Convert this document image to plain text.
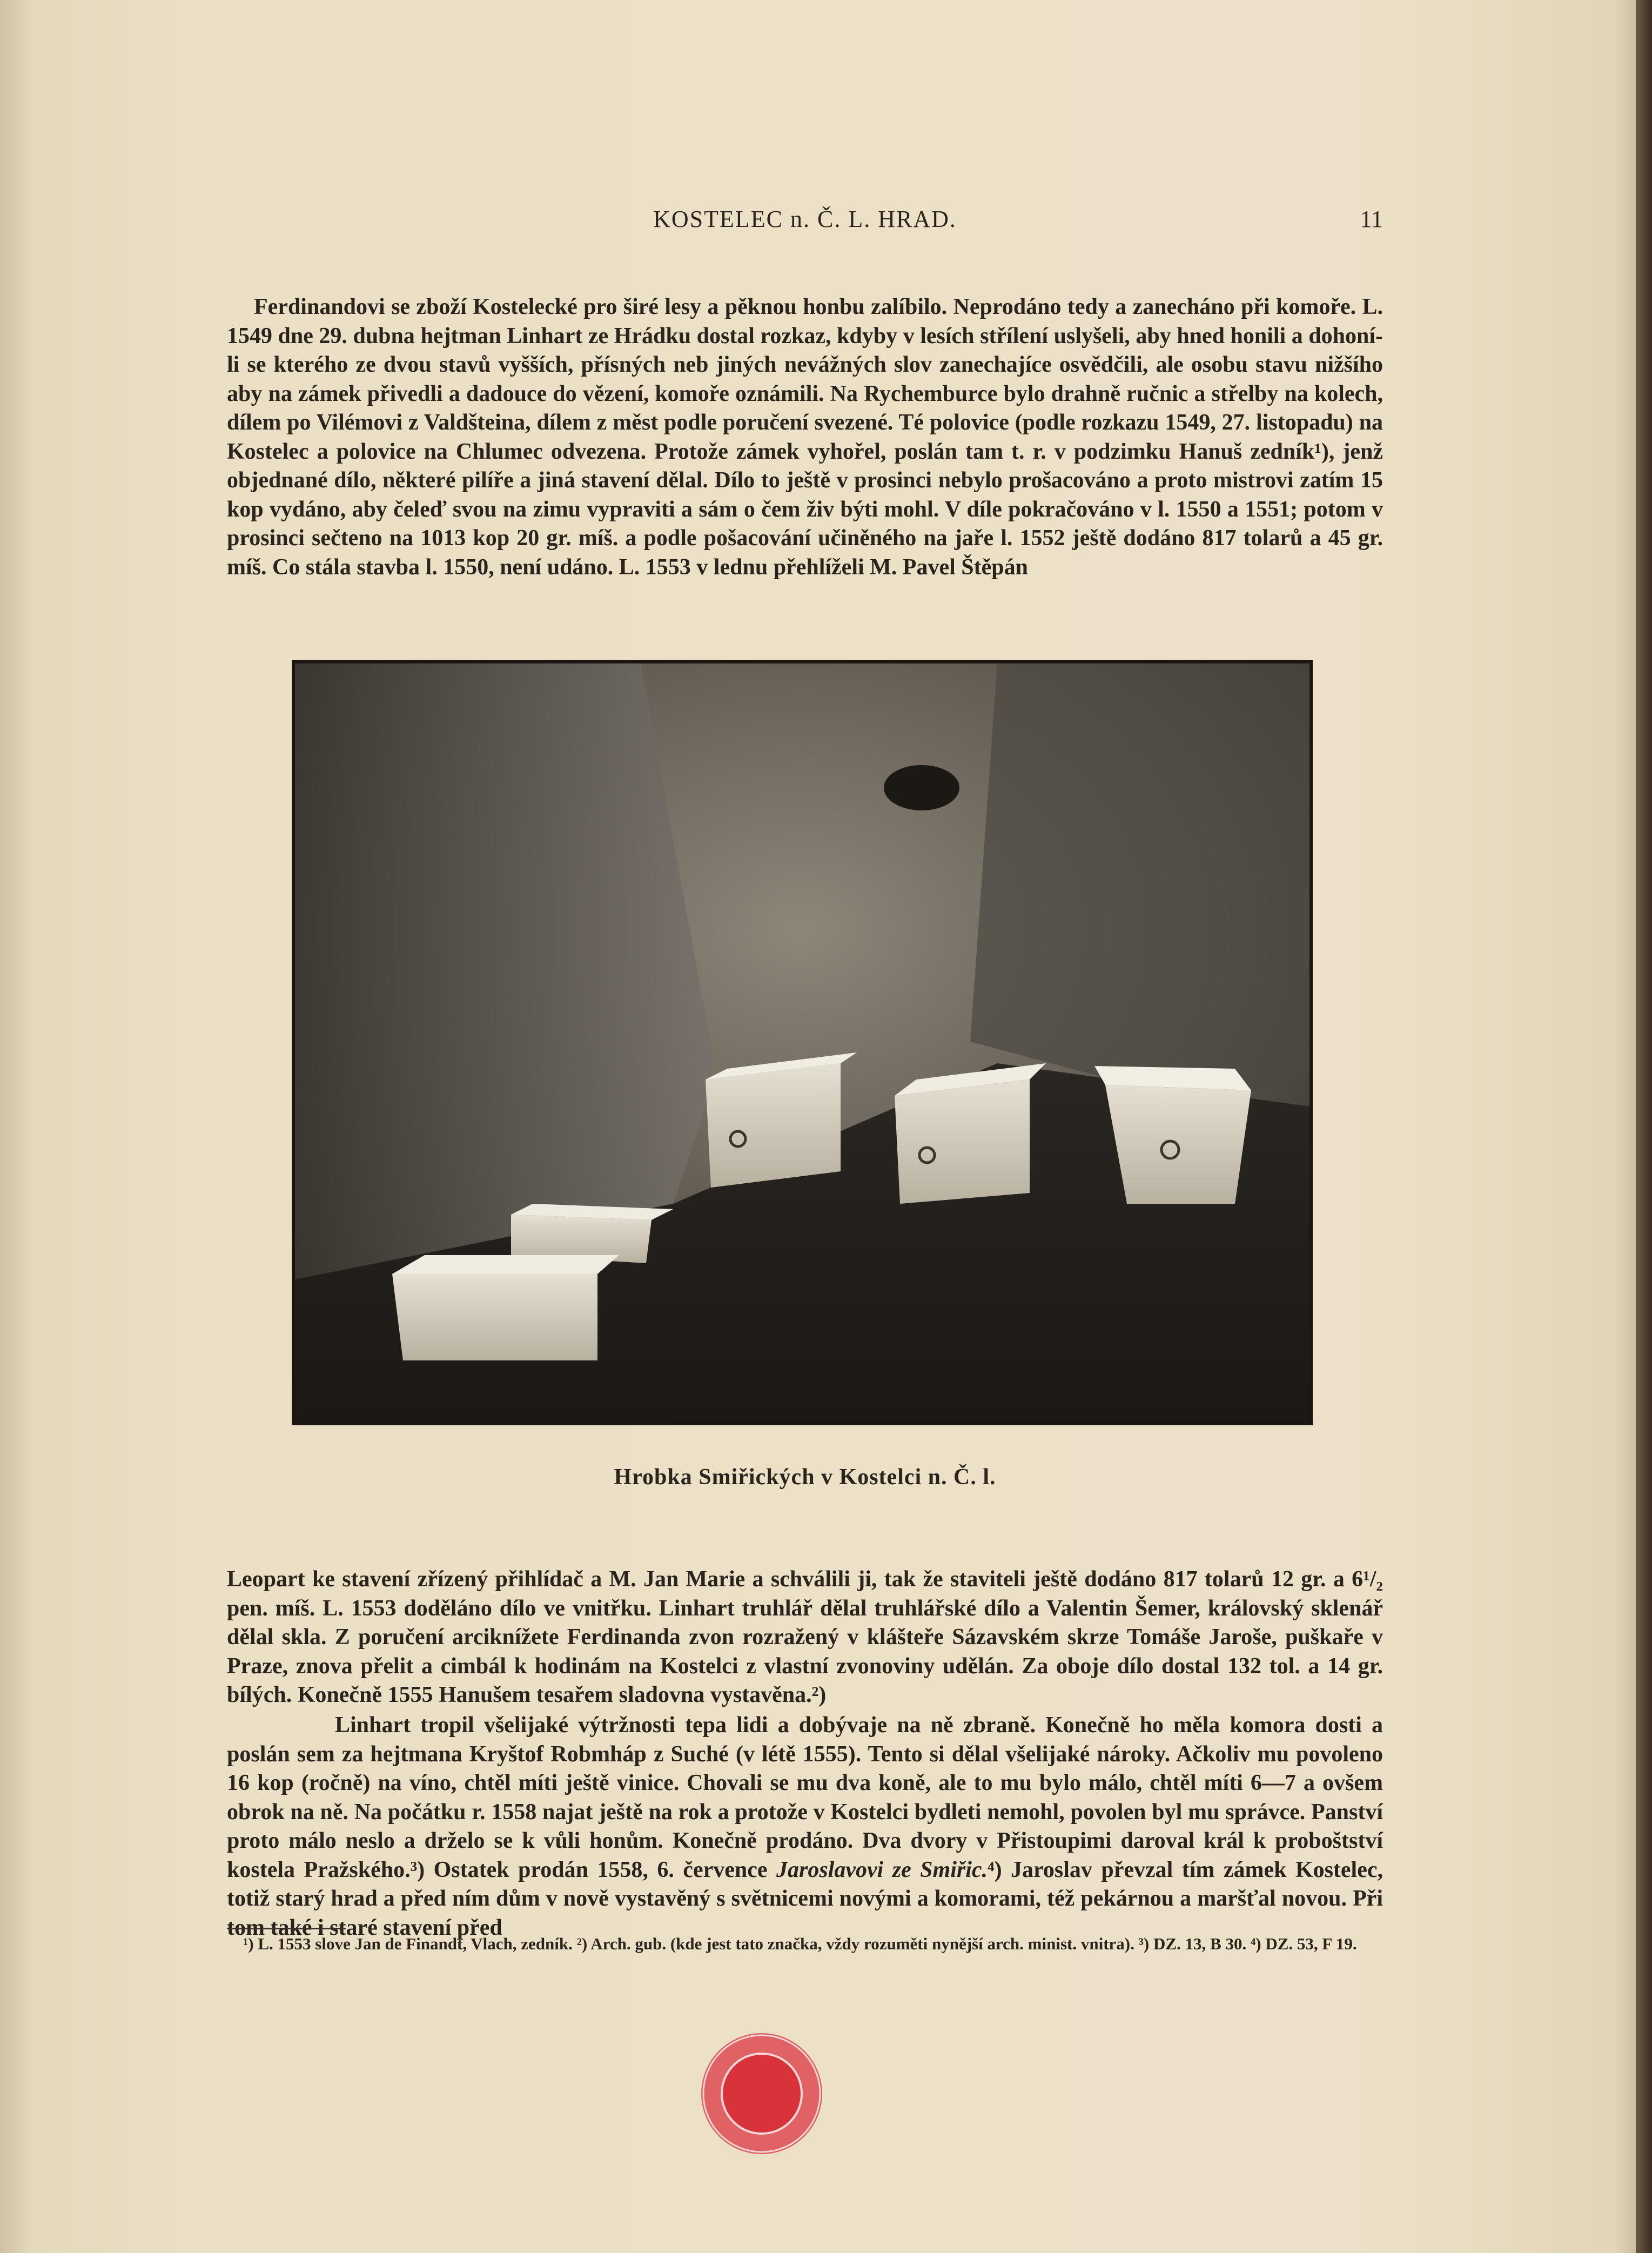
KOSTELEC n. Č. L. HRAD.	11

Ferdinandovi se zboží Kostelecké pro širé lesy a pěknou honbu zalíbilo. Neprodáno tedy a zanecháno při komoře. L. 1549 dne 29. dubna hejtman Linhart ze Hrádku dostal rozkaz, kdyby v lesích střílení uslyšeli, aby hned honili a dohoní-li se kterého ze dvou stavů vyšších, přísných neb jiných nevážných slov zanechajíce osvědčili, ale osobu stavu nižšího aby na zámek přivedli a dadouce do vězení, komoře oznámili. Na Rychemburce bylo drahně ručnic a střelby na kolech, dílem po Vilémovi z Valdšteina, dílem z měst podle poručení svezené. Té polovice (podle rozkazu 1549, 27. listopadu) na Kostelec a polovice na Chlumec odvezena. Protože zámek vyhořel, poslán tam t. r. v podzimku Hanuš zedník¹), jenž objednané dílo, některé pilíře a jiná stavení dělal. Dílo to ještě v prosinci nebylo prošacováno a proto mistrovi zatím 15 kop vydáno, aby čeleď svou na zimu vypraviti a sám o čem živ býti mohl. V díle pokračováno v l. 1550 a 1551; potom v prosinci sečteno na 1013 kop 20 gr. míš. a podle pošacování učiněného na jaře l. 1552 ještě dodáno 817 tolarů a 45 gr. míš. Co stála stavba l. 1550, není udáno. L. 1553 v lednu přehlíželi M. Pavel Štěpán

Hrobka Smiřických v Kostelci n. Č. l.

Leopart ke stavení zřízený přihlídač a M. Jan Marie a schválili ji, tak že staviteli ještě dodáno 817 tolarů 12 gr. a 6¹/₂ pen. míš. L. 1553 doděláno dílo ve vnitřku. Linhart truhlář dělal truhlářské dílo a Valentin Šemer, královský sklenář dělal skla. Z poručení arciknížete Ferdinanda zvon rozražený v klášteře Sázavském skrze Tomáše Jaroše, puškaře v Praze, znova přelit a cimbál k hodinám na Kostelci z vlastní zvonoviny udělán. Za oboje dílo dostal 132 tol. a 14 gr. bílých. Konečně 1555 Hanušem tesařem sladovna vystavěna.²)

Linhart tropil všelijaké výtržnosti tepa lidi a dobývaje na ně zbraně. Konečně ho měla komora dosti a poslán sem za hejtmana Kryštof Robmháp z Suché (v létě 1555). Tento si dělal všelijaké nároky. Ačkoliv mu povoleno 16 kop (ročně) na víno, chtěl míti ještě vinice. Chovali se mu dva koně, ale to mu bylo málo, chtěl míti 6—7 a ovšem obrok na ně. Na počátku r. 1558 najat ještě na rok a protože v Kostelci bydleti nemohl, povolen byl mu správce. Panství proto málo neslo a drželo se k vůli honům. Konečně prodáno. Dva dvory v Přistoupimi daroval král k proboštství kostela Pražského.³) Ostatek prodán 1558, 6. července Jaroslavovi ze Smiřic.⁴) Jaroslav převzal tím zámek Kostelec, totiž starý hrad a před ním dům v nově vystavěný s světnicemi novými a komorami, též pekárnou a maršťal novou. Při tom také i staré stavení před

¹) L. 1553 slove Jan de Finandt, Vlach, zedník. ²) Arch. gub. (kde jest tato značka, vždy rozuměti nynější arch. minist. vnitra). ³) DZ. 13, B 30. ⁴) DZ. 53, F 19.
